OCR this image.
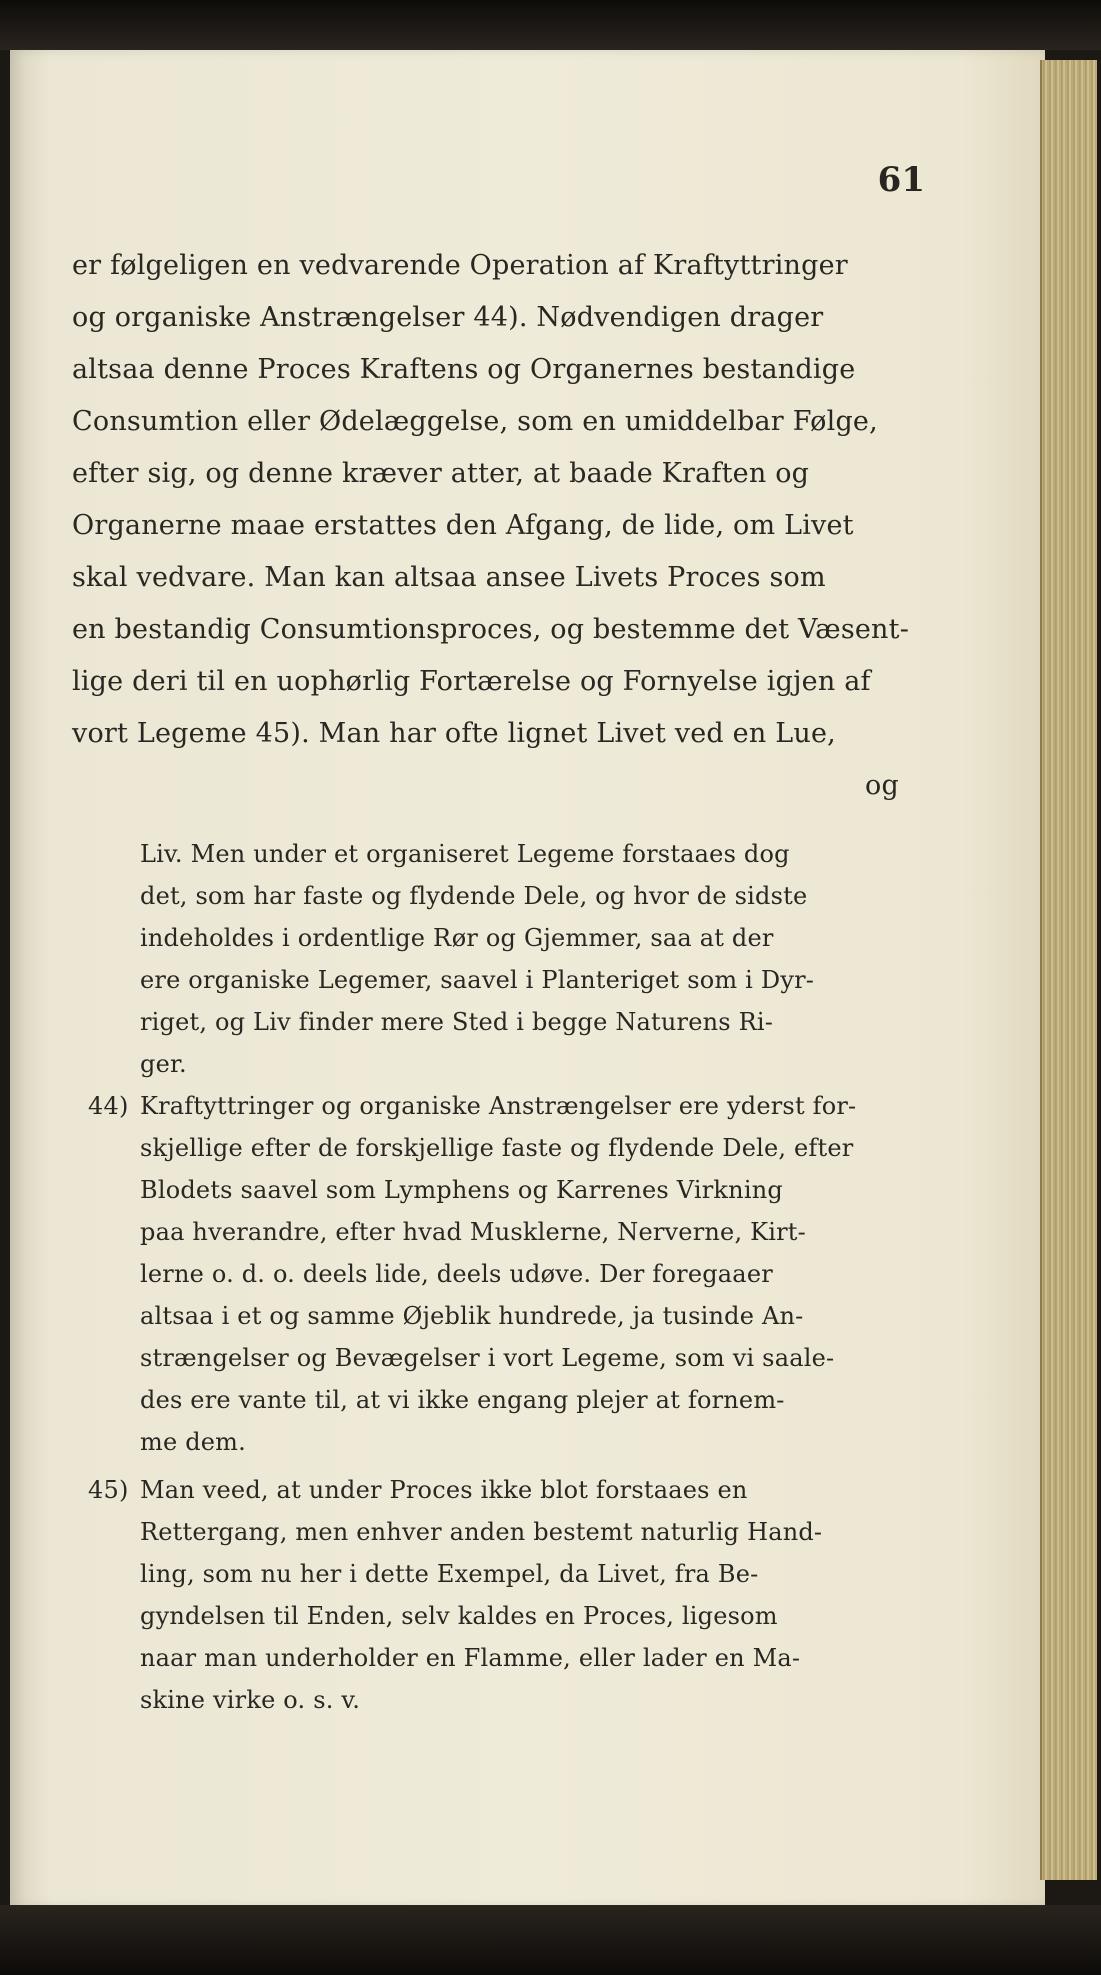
61
er følgeligen en vedvarende Operation af Kraftyttringer
og organiske Anstrængelser 44). Nødvendigen drager
altsaa denne Proces Kraftens og Organernes bestandige
Consumtion eller Ødelæggelse, som en umiddelbar Følge,
efter sig, og denne kræver atter, at baade Kraften og
Organerne maae erstattes den Afgang, de lide, om Livet
skal vedvare. Man kan altsaa ansee Livets Proces som
en bestandig Consumtionsproces, og bestemme det Væsent-
lige deri til en uophørlig Fortærelse og Fornyelse igjen af
vort Legeme 45). Man har ofte lignet Livet ved en Lue,
og
Liv. Men under et organiseret Legeme forstaaes dog
det, som har faste og flydende Dele, og hvor de sidste
indeholdes i ordentlige Rør og Gjemmer, saa at der
ere organiske Legemer, saavel i Planteriget som i Dyr-
riget, og Liv finder mere Sted i begge Naturens Ri-
ger.
44) Kraftyttringer og organiske Anstrængelser ere yderst for-
skjellige efter de forskjellige faste og flydende Dele, efter
Blodets saavel som Lymphens og Karrenes Virkning
paa hverandre, efter hvad Musklerne, Nerverne, Kirt-
lerne o. d. o. deels lide, deels udøve. Der foregaaer
altsaa i et og samme Øjeblik hundrede, ja tusinde An-
strængelser og Bevægelser i vort Legeme, som vi saale-
des ere vante til, at vi ikke engang plejer at fornem-
me dem.
45) Man veed, at under Proces ikke blot forstaaes en
Rettergang, men enhver anden bestemt naturlig Hand-
ling, som nu her i dette Exempel, da Livet, fra Be-
gyndelsen til Enden, selv kaldes en Proces, ligesom
naar man underholder en Flamme, eller lader en Ma-
skine virke o. s. v.
